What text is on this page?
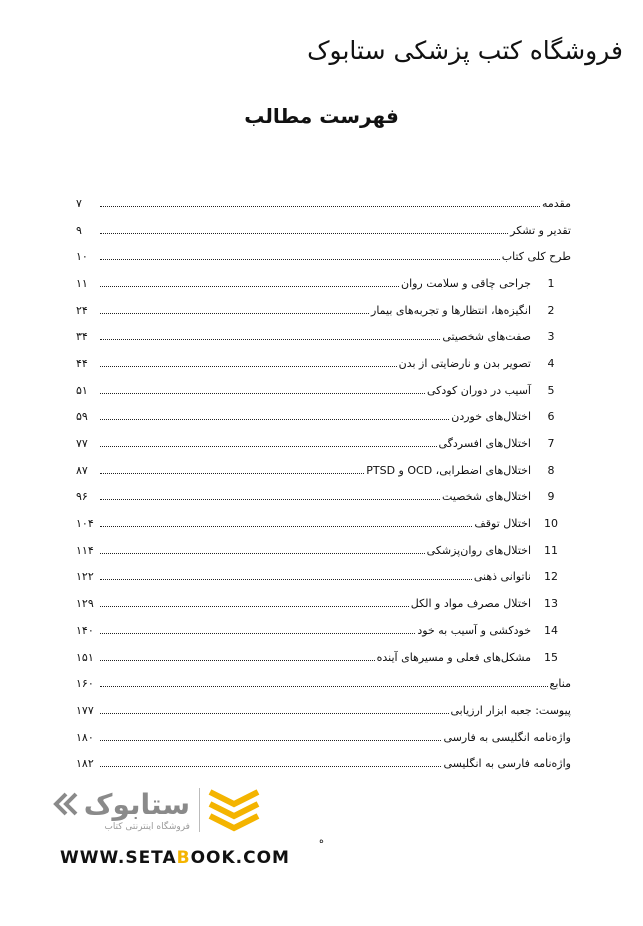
فروشگاه کتب پزشکی ستابوک
فهرست مطالب
مقدمه
۷
تقدیر و تشکر
۹
طرح کلی کتاب
۱۰
1
جراحی چاقی و سلامت روان
۱۱
2
انگیزه‌ها، انتظارها و تجربه‌های بیمار
۲۴
3
صفت‌های شخصیتی
۳۴
4
تصویر بدن و نارضایتی از بدن
۴۴
5
آسیب در دوران کودکی
۵۱
6
اختلال‌های خوردن
۵۹
7
اختلال‌های افسردگی
۷۷
8
اختلال‌های اضطرابی، OCD و PTSD
۸۷
9
اختلال‌های شخصیت
۹۶
10
اختلال توقف
۱۰۴
11
اختلال‌های روان‌پزشکی
۱۱۴
12
ناتوانی ذهنی
۱۲۲
13
اختلال مصرف مواد و الکل
۱۲۹
14
خودکشی و آسیب به خود
۱۴۰
15
مشکل‌های فعلی و مسیرهای آینده
۱۵۱
منابع
۱۶۰
پیوست: جعبه ابزار ارزیابی
۱۷۷
واژه‌نامه انگلیسی به فارسی
۱۸۰
واژه‌نامه فارسی به انگلیسی
۱۸۲
ه
ستابوک
فروشگاه اینترنتی کتاب
WWW.SETABOOK.COM
